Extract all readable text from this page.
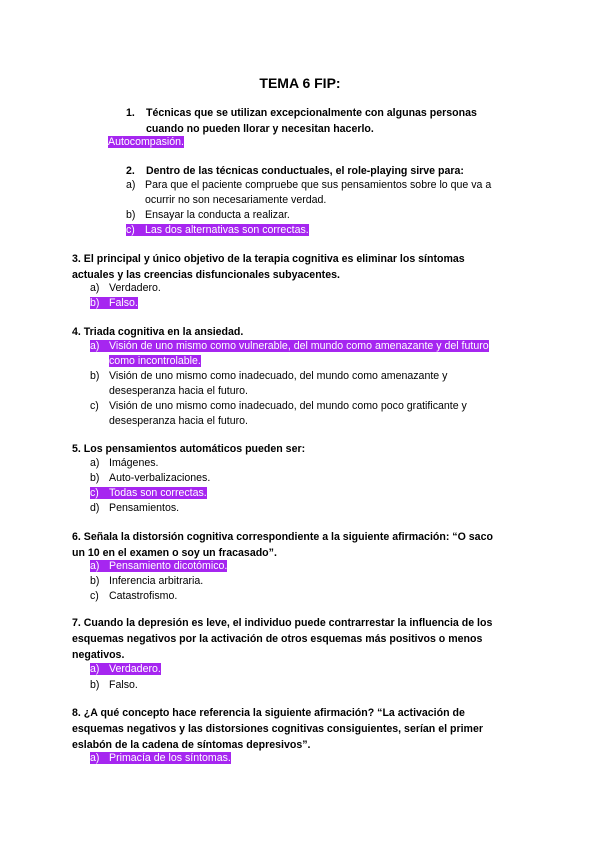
TEMA 6 FIP:
1. Técnicas que se utilizan excepcionalmente con algunas personas
cuando no pueden llorar y necesitan hacerlo.
Autocompasión.
2. Dentro de las técnicas conductuales, el role-playing sirve para:
a) Para que el paciente compruebe que sus pensamientos sobre lo que va a
ocurrir no son necesariamente verdad.
b) Ensayar la conducta a realizar.
c) Las dos alternativas son correctas.
3. El principal y único objetivo de la terapia cognitiva es eliminar los síntomas
actuales y las creencias disfuncionales subyacentes.
a) Verdadero.
b) Falso.
4. Triada cognitiva en la ansiedad.
a) Visión de uno mismo como vulnerable, del mundo como amenazante y del futuro
como incontrolable.
b) Visión de uno mismo como inadecuado, del mundo como amenazante y
desesperanza hacia el futuro.
c) Visión de uno mismo como inadecuado, del mundo como poco gratificante y
desesperanza hacia el futuro.
5. Los pensamientos automáticos pueden ser:
a) Imágenes.
b) Auto-verbalizaciones.
c) Todas son correctas.
d) Pensamientos.
6. Señala la distorsión cognitiva correspondiente a la siguiente afirmación: “O saco
un 10 en el examen o soy un fracasado”.
a) Pensamiento dicotómico.
b) Inferencia arbitraria.
c) Catastrofismo.
7. Cuando la depresión es leve, el individuo puede contrarrestar la influencia de los
esquemas negativos por la activación de otros esquemas más positivos o menos
negativos.
a) Verdadero.
b) Falso.
8. ¿A qué concepto hace referencia la siguiente afirmación? “La activación de
esquemas negativos y las distorsiones cognitivas consiguientes, serían el primer
eslabón de la cadena de síntomas depresivos”.
a) Primacía de los síntomas.
